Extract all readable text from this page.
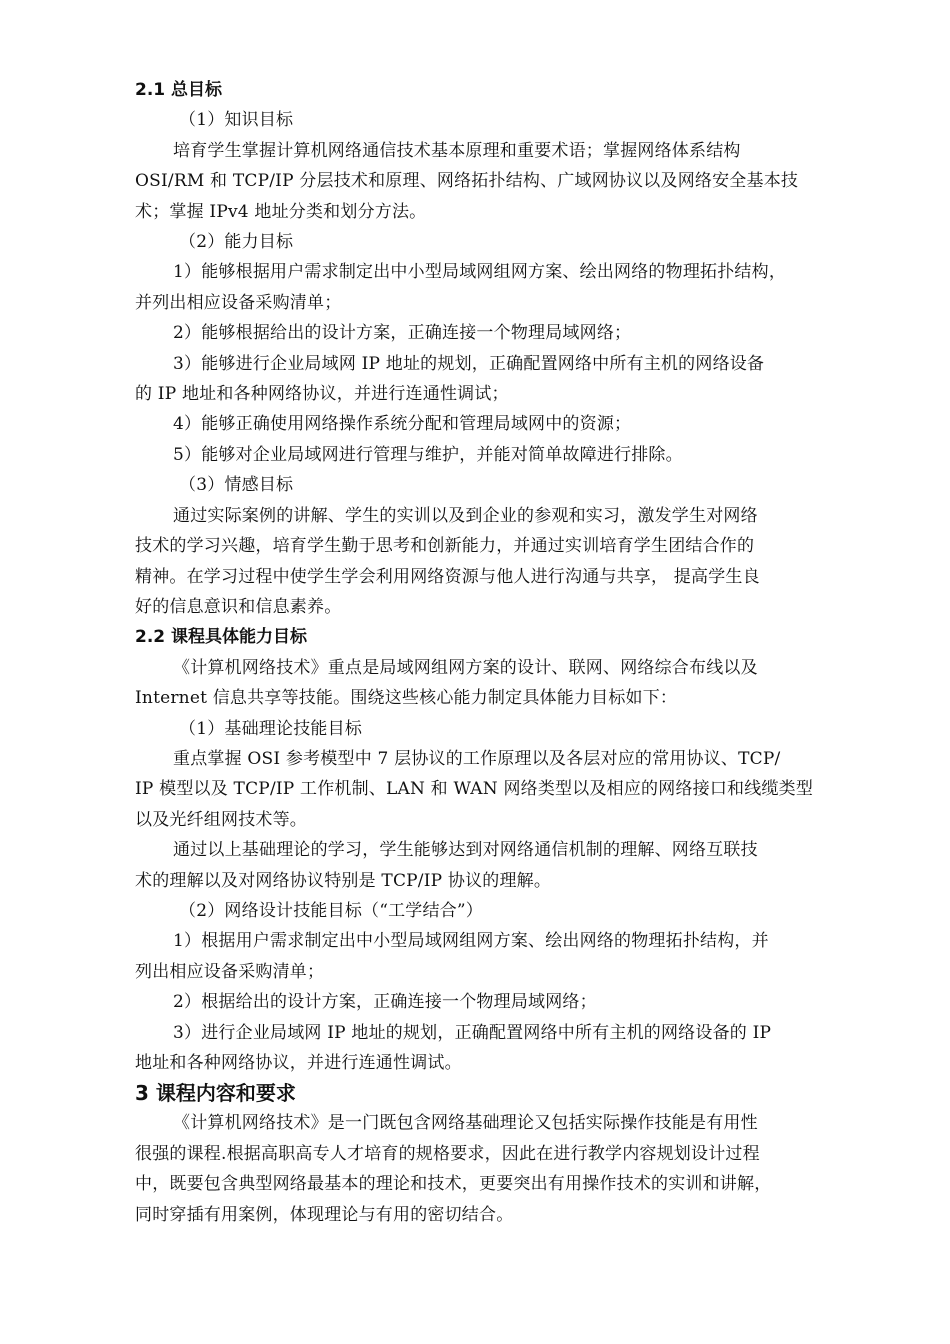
2.1 总目标
（1）知识目标
培育学生掌握计算机网络通信技术基本原理和重要术语；掌握网络体系结构
OSI/RM 和 TCP/IP 分层技术和原理、网络拓扑结构、广域网协议以及网络安全基本技
术；掌握 IPv4 地址分类和划分方法。
（2）能力目标
1）能够根据用户需求制定出中小型局域网组网方案、绘出网络的物理拓扑结构，
并列出相应设备采购清单；
2）能够根据给出的设计方案，正确连接一个物理局域网络；
3）能够进行企业局域网 IP 地址的规划，正确配置网络中所有主机的网络设备
的 IP 地址和各种网络协议，并进行连通性调试；
4）能够正确使用网络操作系统分配和管理局域网中的资源；
5）能够对企业局域网进行管理与维护，并能对简单故障进行排除。
（3）情感目标
通过实际案例的讲解、学生的实训以及到企业的参观和实习，激发学生对网络
技术的学习兴趣，培育学生勤于思考和创新能力，并通过实训培育学生团结合作的
精神。在学习过程中使学生学会利用网络资源与他人进行沟通与共享， 提高学生良
好的信息意识和信息素养。
2.2 课程具体能力目标
《计算机网络技术》重点是局域网组网方案的设计、联网、网络综合布线以及
Internet 信息共享等技能。围绕这些核心能力制定具体能力目标如下：
（1）基础理论技能目标
重点掌握 OSI 参考模型中 7 层协议的工作原理以及各层对应的常用协议、TCP/
IP 模型以及 TCP/IP 工作机制、LAN 和 WAN 网络类型以及相应的网络接口和线缆类型
以及光纤组网技术等。
通过以上基础理论的学习，学生能够达到对网络通信机制的理解、网络互联技
术的理解以及对网络协议特别是 TCP/IP 协议的理解。
（2）网络设计技能目标（“工学结合”）
1）根据用户需求制定出中小型局域网组网方案、绘出网络的物理拓扑结构，并
列出相应设备采购清单；
2）根据给出的设计方案，正确连接一个物理局域网络；
3）进行企业局域网 IP 地址的规划，正确配置网络中所有主机的网络设备的 IP
地址和各种网络协议，并进行连通性调试。
3 课程内容和要求
《计算机网络技术》是一门既包含网络基础理论又包括实际操作技能是有用性
很强的课程.根据高职高专人才培育的规格要求，因此在进行教学内容规划设计过程
中，既要包含典型网络最基本的理论和技术，更要突出有用操作技术的实训和讲解，
同时穿插有用案例，体现理论与有用的密切结合。
